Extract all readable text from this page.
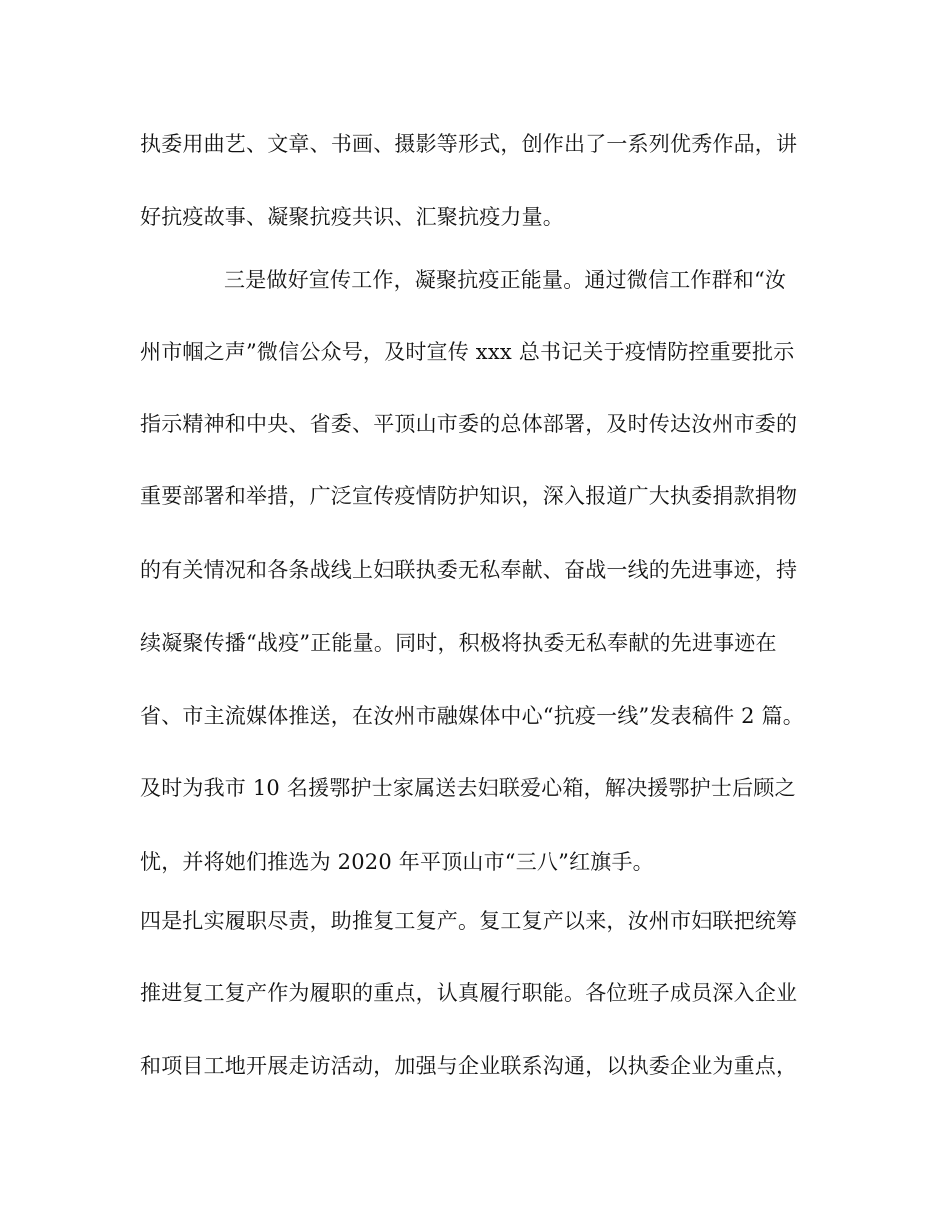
执委用曲艺、文章、书画、摄影等形式，创作出了一系列优秀作品，讲

好抗疫故事、凝聚抗疫共识、汇聚抗疫力量。

三是做好宣传工作，凝聚抗疫正能量。通过微信工作群和“汝

州市帼之声”微信公众号，及时宣传 xxx 总书记关于疫情防控重要批示

指示精神和中央、省委、平顶山市委的总体部署，及时传达汝州市委的

重要部署和举措，广泛宣传疫情防护知识，深入报道广大执委捐款捐物

的有关情况和各条战线上妇联执委无私奉献、奋战一线的先进事迹，持

续凝聚传播“战疫”正能量。同时，积极将执委无私奉献的先进事迹在

省、市主流媒体推送，在汝州市融媒体中心“抗疫一线”发表稿件 2 篇。

及时为我市 10 名援鄂护士家属送去妇联爱心箱，解决援鄂护士后顾之

忧，并将她们推选为 2020 年平顶山市“三八”红旗手。

四是扎实履职尽责，助推复工复产。复工复产以来，汝州市妇联把统筹

推进复工复产作为履职的重点，认真履行职能。各位班子成员深入企业

和项目工地开展走访活动，加强与企业联系沟通，以执委企业为重点，
